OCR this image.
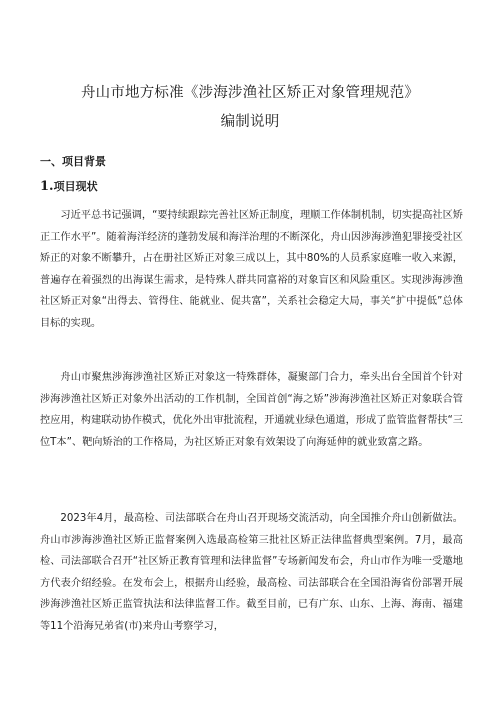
舟山市地方标准《涉海涉渔社区矫正对象管理规范》
编制说明
一、项目背景
1.项目现状
习近平总书记强调，“要持续跟踪完善社区矫正制度，理顺工作体制机制，切实提高社区矫正工作水平”。随着海洋经济的蓬勃发展和海洋治理的不断深化，舟山因涉海涉渔犯罪接受社区矫正的对象不断攀升，占在册社区矫正对象三成以上，其中80%的人员系家庭唯一收入来源，普遍存在着强烈的出海谋生需求，是特殊人群共同富裕的对象盲区和风险重区。实现涉海涉渔社区矫正对象“出得去、管得住、能就业、促共富”，关系社会稳定大局，事关“扩中提低”总体目标的实现。
舟山市聚焦涉海涉渔社区矫正对象这一特殊群体，凝聚部门合力，牵头出台全国首个针对涉海涉渔社区矫正对象外出活动的工作机制，全国首创“海之矫”涉海涉渔社区矫正对象联合管控应用，构建联动协作模式，优化外出审批流程，开通就业绿色通道，形成了监管监督帮扶“三位T本”、靶向矫治的工作格局，为社区矫正对象有效架设了向海延伸的就业致富之路。
2023年4月，最高检、司法部联合在舟山召开现场交流活动，向全国推介舟山创新做法。舟山市涉海涉渔社区矫正监督案例入选最高检第三批社区矫正法律监督典型案例。7月，最高检、司法部联合召开“社区矫正教育管理和法律监督”专场新闻发布会，舟山市作为唯一受邀地方代表介绍经验。在发布会上，根据舟山经验，最高检、司法部联合在全国沿海省份部署开展涉海涉渔社区矫正监管执法和法律监督工作。截至目前，已有广东、山东、上海、海南、福建等11个沿海兄弟省(市)来舟山考察学习，
